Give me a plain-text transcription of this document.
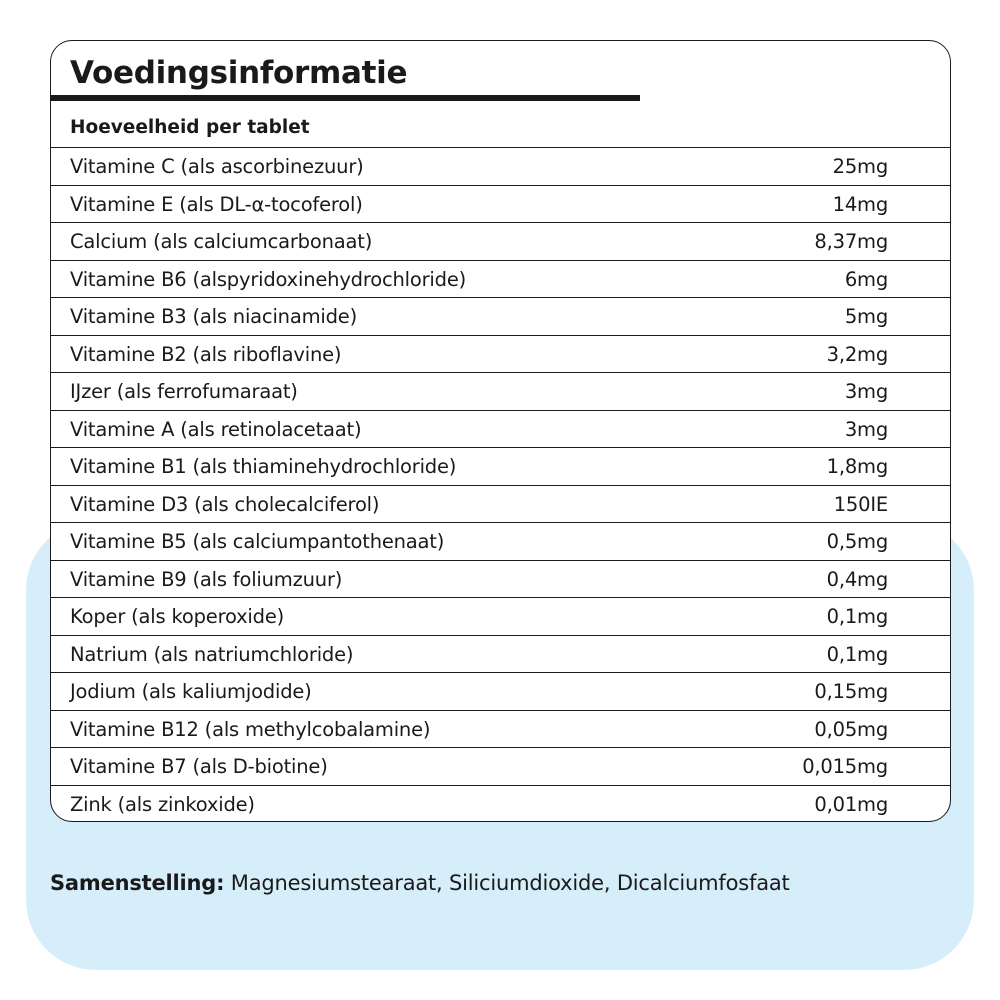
Voedingsinformatie
Hoeveelheid per tablet
Vitamine C (als ascorbinezuur)	25mg
Vitamine E (als DL-α-tocoferol)	14mg
Calcium (als calciumcarbonaat)	8,37mg
Vitamine B6 (alspyridoxinehydrochloride)	6mg
Vitamine B3 (als niacinamide)	5mg
Vitamine B2 (als riboflavine)	3,2mg
IJzer (als ferrofumaraat)	3mg
Vitamine A (als retinolacetaat)	3mg
Vitamine B1 (als thiaminehydrochloride)	1,8mg
Vitamine D3 (als cholecalciferol)	150IE
Vitamine B5 (als calciumpantothenaat)	0,5mg
Vitamine B9 (als foliumzuur)	0,4mg
Koper (als koperoxide)	0,1mg
Natrium (als natriumchloride)	0,1mg
Jodium (als kaliumjodide)	0,15mg
Vitamine B12 (als methylcobalamine)	0,05mg
Vitamine B7 (als D-biotine)	0,015mg
Zink (als zinkoxide)	0,01mg
Samenstelling: Magnesiumstearaat, Siliciumdioxide, Dicalciumfosfaat
